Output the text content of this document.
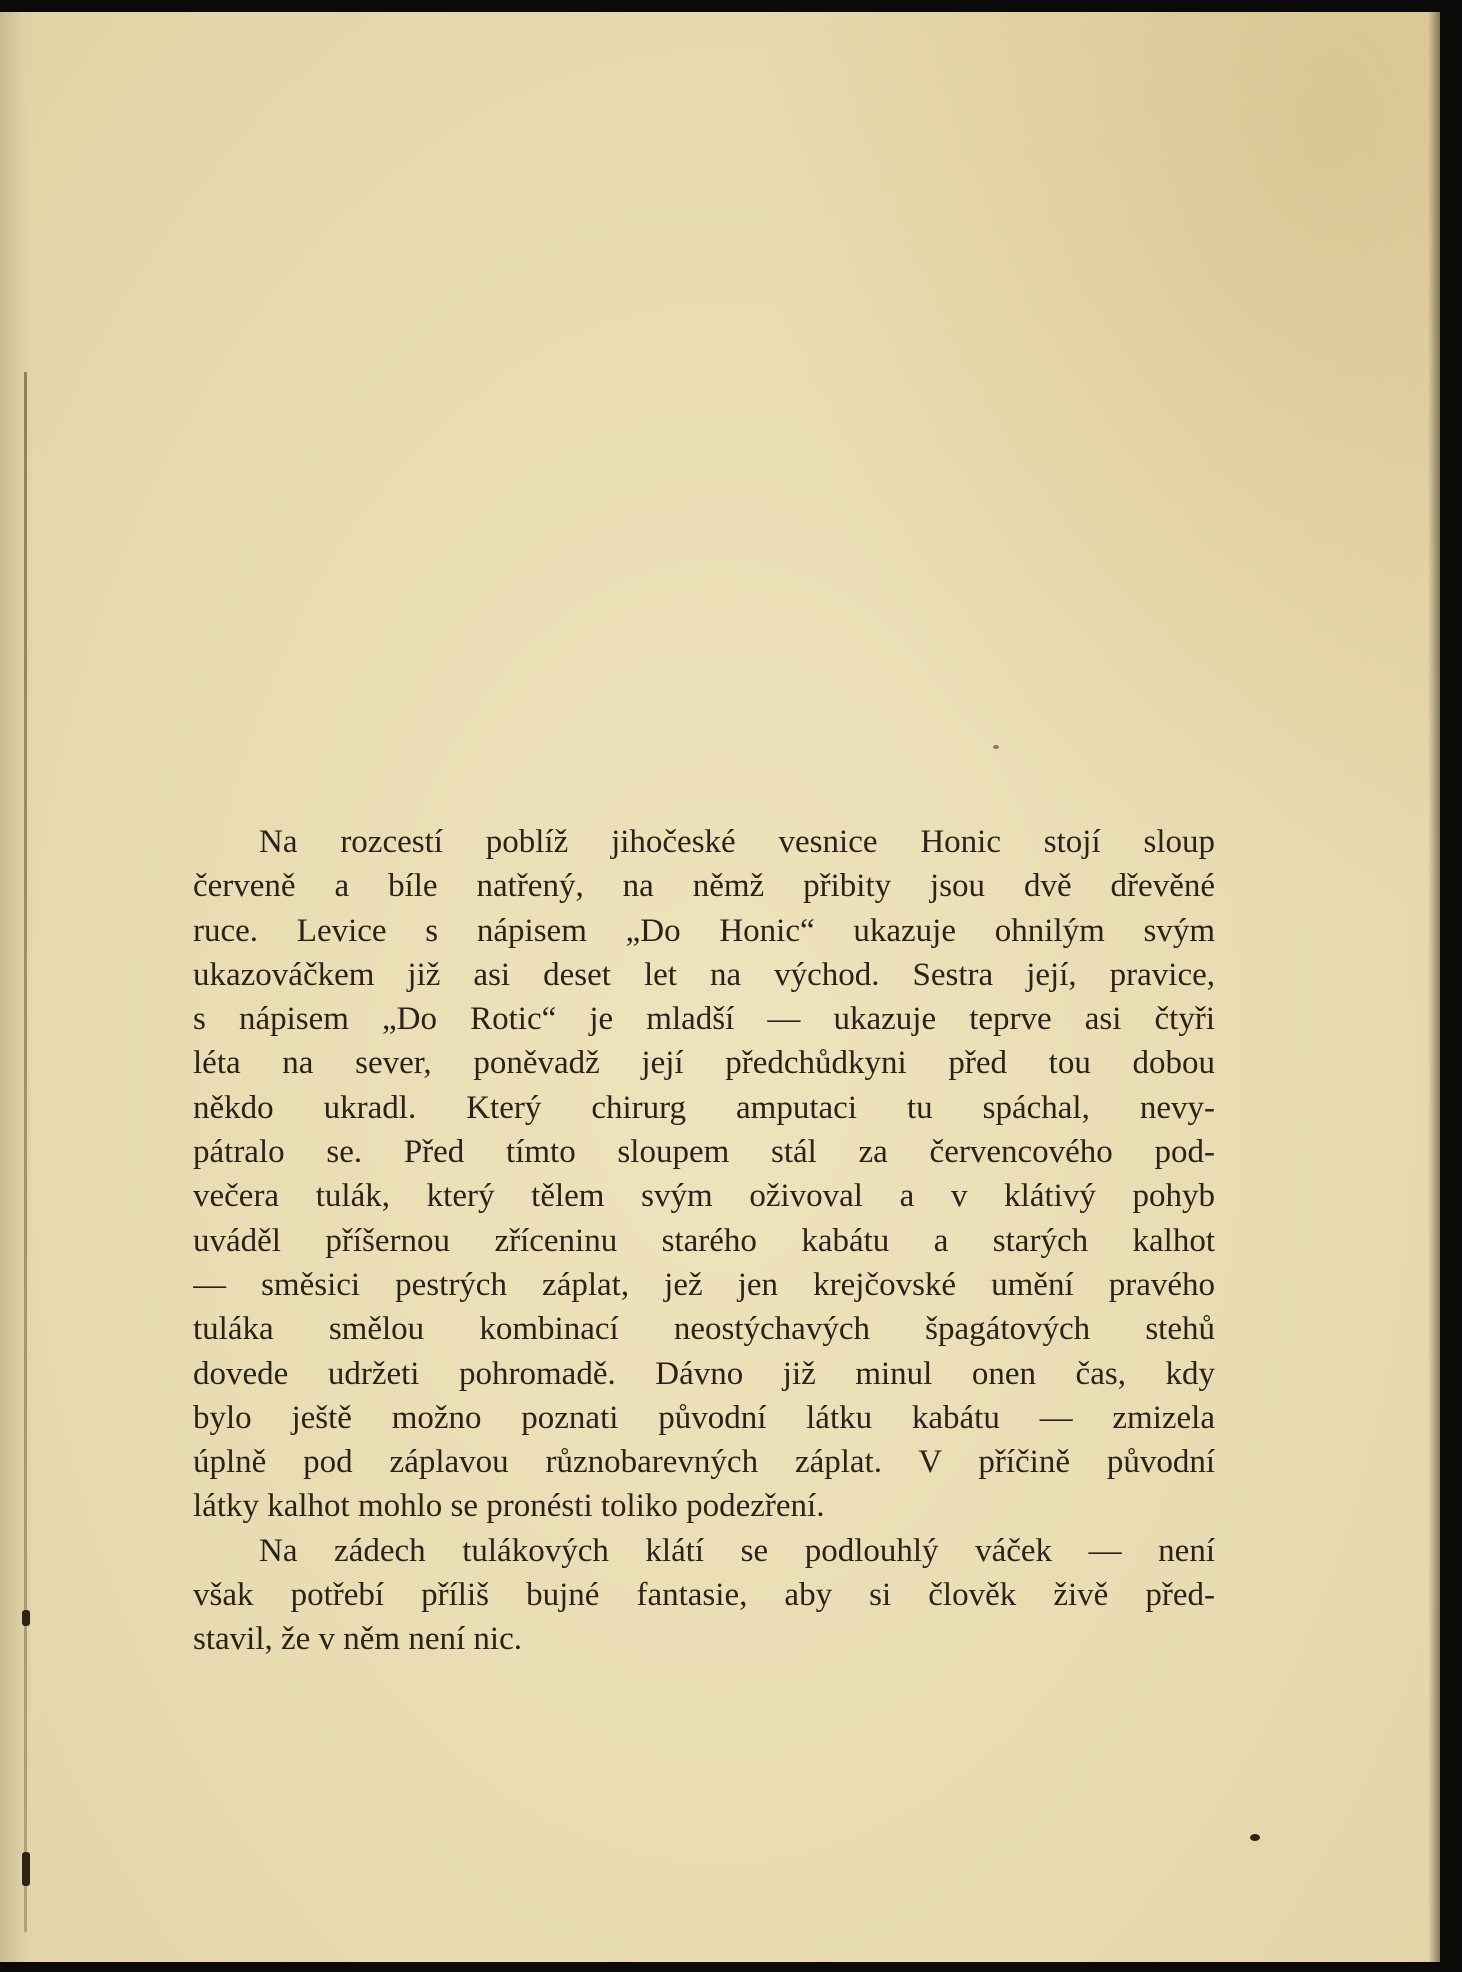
Na rozcestí poblíž jihočeské vesnice Honic stojí sloup
červeně a bíle natřený, na němž přibity jsou dvě dřevěné
ruce. Levice s nápisem „Do Honic“ ukazuje ohnilým svým
ukazováčkem již asi deset let na východ. Sestra její, pravice,
s nápisem „Do Rotic“ je mladší — ukazuje teprve asi čtyři
léta na sever, poněvadž její předchůdkyni před tou dobou
někdo ukradl. Který chirurg amputaci tu spáchal, nevy-
pátralo se. Před tímto sloupem stál za červencového pod-
večera tulák, který tělem svým oživoval a v klátivý pohyb
uváděl příšernou zříceninu starého kabátu a starých kalhot
— směsici pestrých záplat, jež jen krejčovské umění pravého
tuláka smělou kombinací neostýchavých špagátových stehů
dovede udržeti pohromadě. Dávno již minul onen čas, kdy
bylo ještě možno poznati původní látku kabátu — zmizela
úplně pod záplavou různobarevných záplat. V příčině původní
látky kalhot mohlo se pronésti toliko podezření.

Na zádech tulákových klátí se podlouhlý váček — není
však potřebí příliš bujné fantasie, aby si člověk živě před-
stavil, že v něm není nic.
